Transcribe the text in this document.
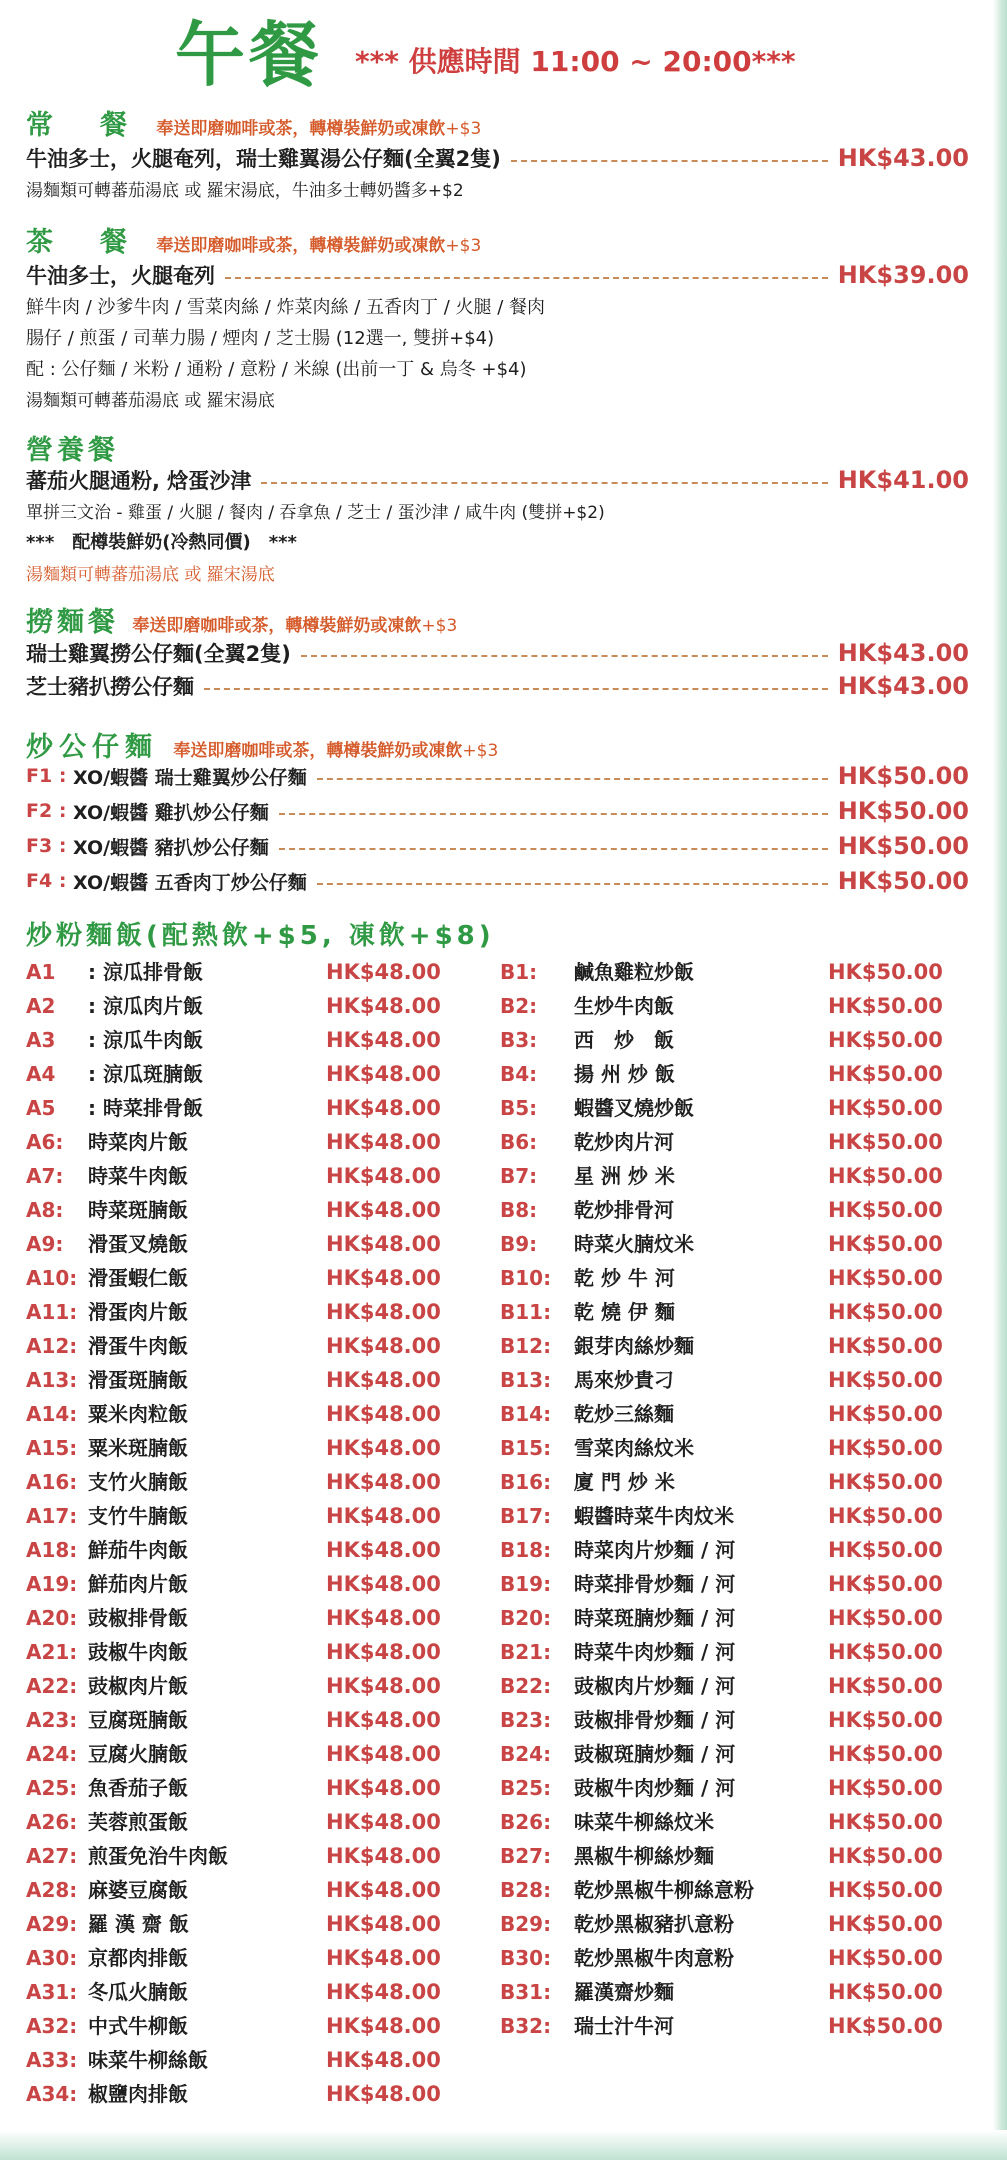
午餐 *** 供應時間 11:00 ~ 20:00***
常　餐 奉送即磨咖啡或茶，轉樽裝鮮奶或凍飲+$3
牛油多士，火腿奄列，瑞士雞翼湯公仔麵(全翼2隻)	HK$43.00
湯麵類可轉蕃茄湯底 或 羅宋湯底，牛油多士轉奶醬多+$2
茶　餐 奉送即磨咖啡或茶，轉樽裝鮮奶或凍飲+$3
牛油多士，火腿奄列	HK$39.00
鮮牛肉 / 沙爹牛肉 / 雪菜肉絲 / 炸菜肉絲 / 五香肉丁 / 火腿 / 餐肉
腸仔 / 煎蛋 / 司華力腸 / 煙肉 / 芝士腸 (12選一, 雙拼+$4)
配 : 公仔麵 / 米粉 / 通粉 / 意粉 / 米線 (出前一丁 & 烏冬 +$4)
湯麵類可轉蕃茄湯底 或 羅宋湯底
營養餐
蕃茄火腿通粉, 焓蛋沙津	HK$41.00
單拼三文治 - 雞蛋 / 火腿 / 餐肉 / 吞拿魚 / 芝士 / 蛋沙津 / 咸牛肉 (雙拼+$2)
***　配樽裝鮮奶(冷熱同價)　***
湯麵類可轉蕃茄湯底 或 羅宋湯底
撈麵餐 奉送即磨咖啡或茶，轉樽裝鮮奶或凍飲+$3
瑞士雞翼撈公仔麵(全翼2隻)	HK$43.00
芝士豬扒撈公仔麵	HK$43.00
炒公仔麵 奉送即磨咖啡或茶，轉樽裝鮮奶或凍飲+$3
F1 :
XO/蝦醬 瑞士雞翼炒公仔麵	HK$50.00
F2 :
XO/蝦醬 雞扒炒公仔麵	HK$50.00
F3 :
XO/蝦醬 豬扒炒公仔麵	HK$50.00
F4 :
XO/蝦醬 五香肉丁炒公仔麵	HK$50.00
炒粉麵飯(配熱飲+$5, 凍飲+$8)
A1 : 涼瓜排骨飯	HK$48.00
A2 : 涼瓜肉片飯	HK$48.00
A3 : 涼瓜牛肉飯	HK$48.00
A4 : 涼瓜斑腩飯	HK$48.00
A5 : 時菜排骨飯	HK$48.00
A6: 時菜肉片飯	HK$48.00
A7: 時菜牛肉飯	HK$48.00
A8: 時菜斑腩飯	HK$48.00
A9: 滑蛋叉燒飯	HK$48.00
A10: 滑蛋蝦仁飯	HK$48.00
A11: 滑蛋肉片飯	HK$48.00
A12: 滑蛋牛肉飯	HK$48.00
A13: 滑蛋斑腩飯	HK$48.00
A14: 粟米肉粒飯	HK$48.00
A15: 粟米斑腩飯	HK$48.00
A16: 支竹火腩飯	HK$48.00
A17: 支竹牛腩飯	HK$48.00
A18: 鮮茄牛肉飯	HK$48.00
A19: 鮮茄肉片飯	HK$48.00
A20: 豉椒排骨飯	HK$48.00
A21: 豉椒牛肉飯	HK$48.00
A22: 豉椒肉片飯	HK$48.00
A23: 豆腐斑腩飯	HK$48.00
A24: 豆腐火腩飯	HK$48.00
A25: 魚香茄子飯	HK$48.00
A26: 芙蓉煎蛋飯	HK$48.00
A27: 煎蛋免治牛肉飯	HK$48.00
A28: 麻婆豆腐飯	HK$48.00
A29: 羅 漢 齋 飯	HK$48.00
A30: 京都肉排飯	HK$48.00
A31: 冬瓜火腩飯	HK$48.00
A32: 中式牛柳飯	HK$48.00
A33: 味菜牛柳絲飯	HK$48.00
A34: 椒鹽肉排飯	HK$48.00
B1: 鹹魚雞粒炒飯	HK$50.00
B2: 生炒牛肉飯	HK$50.00
B3: 西　炒　飯	HK$50.00
B4: 揚 州 炒 飯	HK$50.00
B5: 蝦醬叉燒炒飯	HK$50.00
B6: 乾炒肉片河	HK$50.00
B7: 星 洲 炒 米	HK$50.00
B8: 乾炒排骨河	HK$50.00
B9: 時菜火腩炆米	HK$50.00
B10: 乾 炒 牛 河	HK$50.00
B11: 乾 燒 伊 麵	HK$50.00
B12: 銀芽肉絲炒麵	HK$50.00
B13: 馬來炒貴刁	HK$50.00
B14: 乾炒三絲麵	HK$50.00
B15: 雪菜肉絲炆米	HK$50.00
B16: 廈 門 炒 米	HK$50.00
B17: 蝦醬時菜牛肉炆米	HK$50.00
B18: 時菜肉片炒麵 / 河	HK$50.00
B19: 時菜排骨炒麵 / 河	HK$50.00
B20: 時菜斑腩炒麵 / 河	HK$50.00
B21: 時菜牛肉炒麵 / 河	HK$50.00
B22: 豉椒肉片炒麵 / 河	HK$50.00
B23: 豉椒排骨炒麵 / 河	HK$50.00
B24: 豉椒斑腩炒麵 / 河	HK$50.00
B25: 豉椒牛肉炒麵 / 河	HK$50.00
B26: 味菜牛柳絲炆米	HK$50.00
B27: 黑椒牛柳絲炒麵	HK$50.00
B28: 乾炒黑椒牛柳絲意粉	HK$50.00
B29: 乾炒黑椒豬扒意粉	HK$50.00
B30: 乾炒黑椒牛肉意粉	HK$50.00
B31: 羅漢齋炒麵	HK$50.00
B32: 瑞士汁牛河	HK$50.00
